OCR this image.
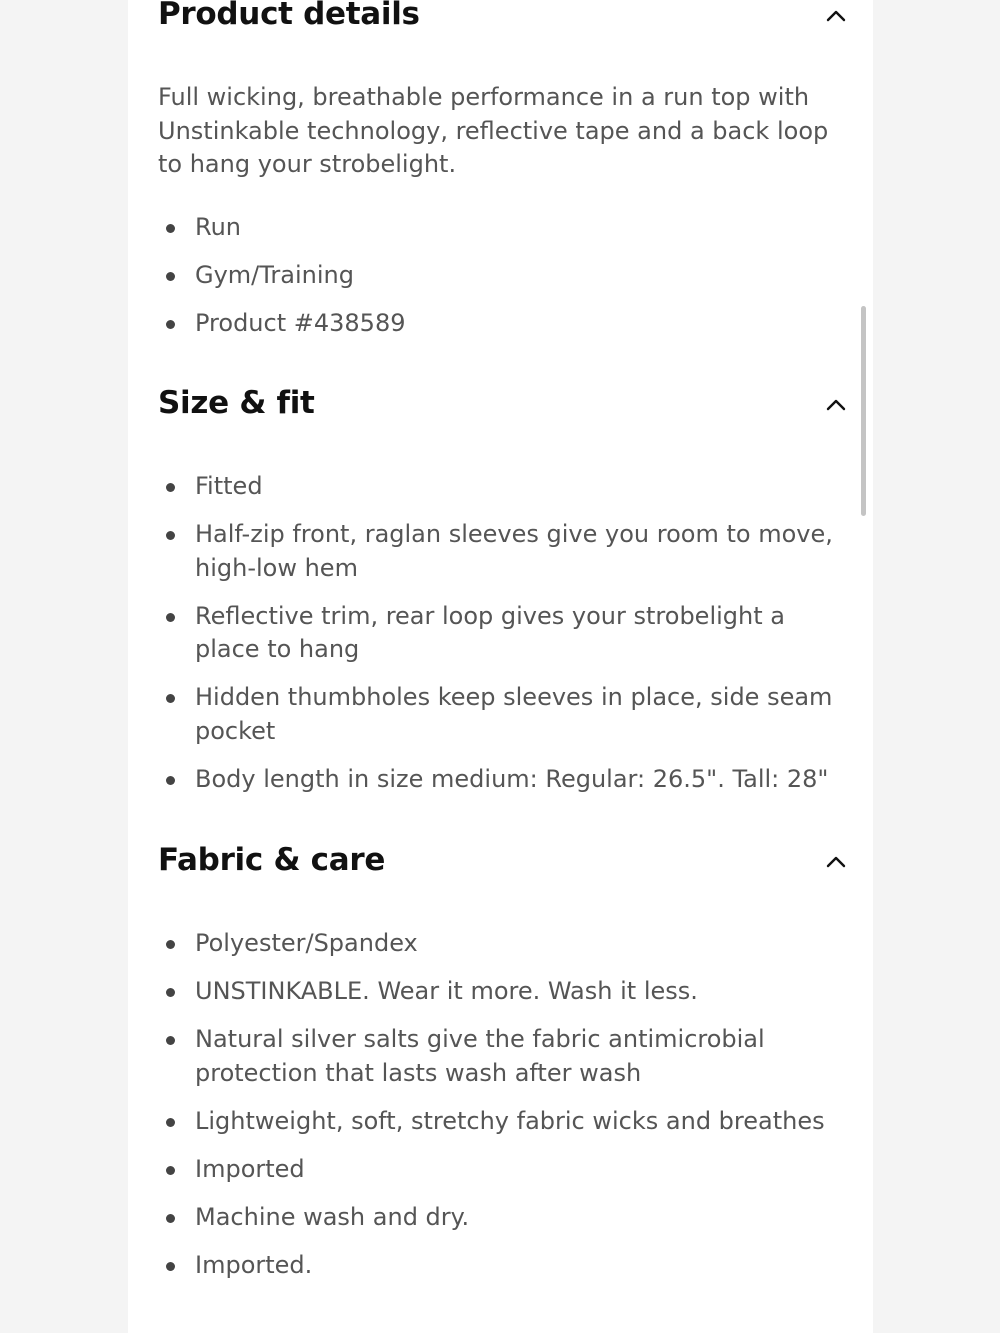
Product details

Full wicking, breathable performance in a run top with Unstinkable technology, reflective tape and a back loop to hang your strobelight.

Run
Gym/Training
Product #438589
Size & fit
Fitted
Half-zip front, raglan sleeves give you room to move, high-low hem
Reflective trim, rear loop gives your strobelight a place to hang
Hidden thumbholes keep sleeves in place, side seam pocket
Body length in size medium: Regular: 26.5". Tall: 28"
Fabric & care
Polyester/Spandex
UNSTINKABLE. Wear it more. Wash it less.
Natural silver salts give the fabric antimicrobial protection that lasts wash after wash
Lightweight, soft, stretchy fabric wicks and breathes
Imported
Machine wash and dry.
Imported.
